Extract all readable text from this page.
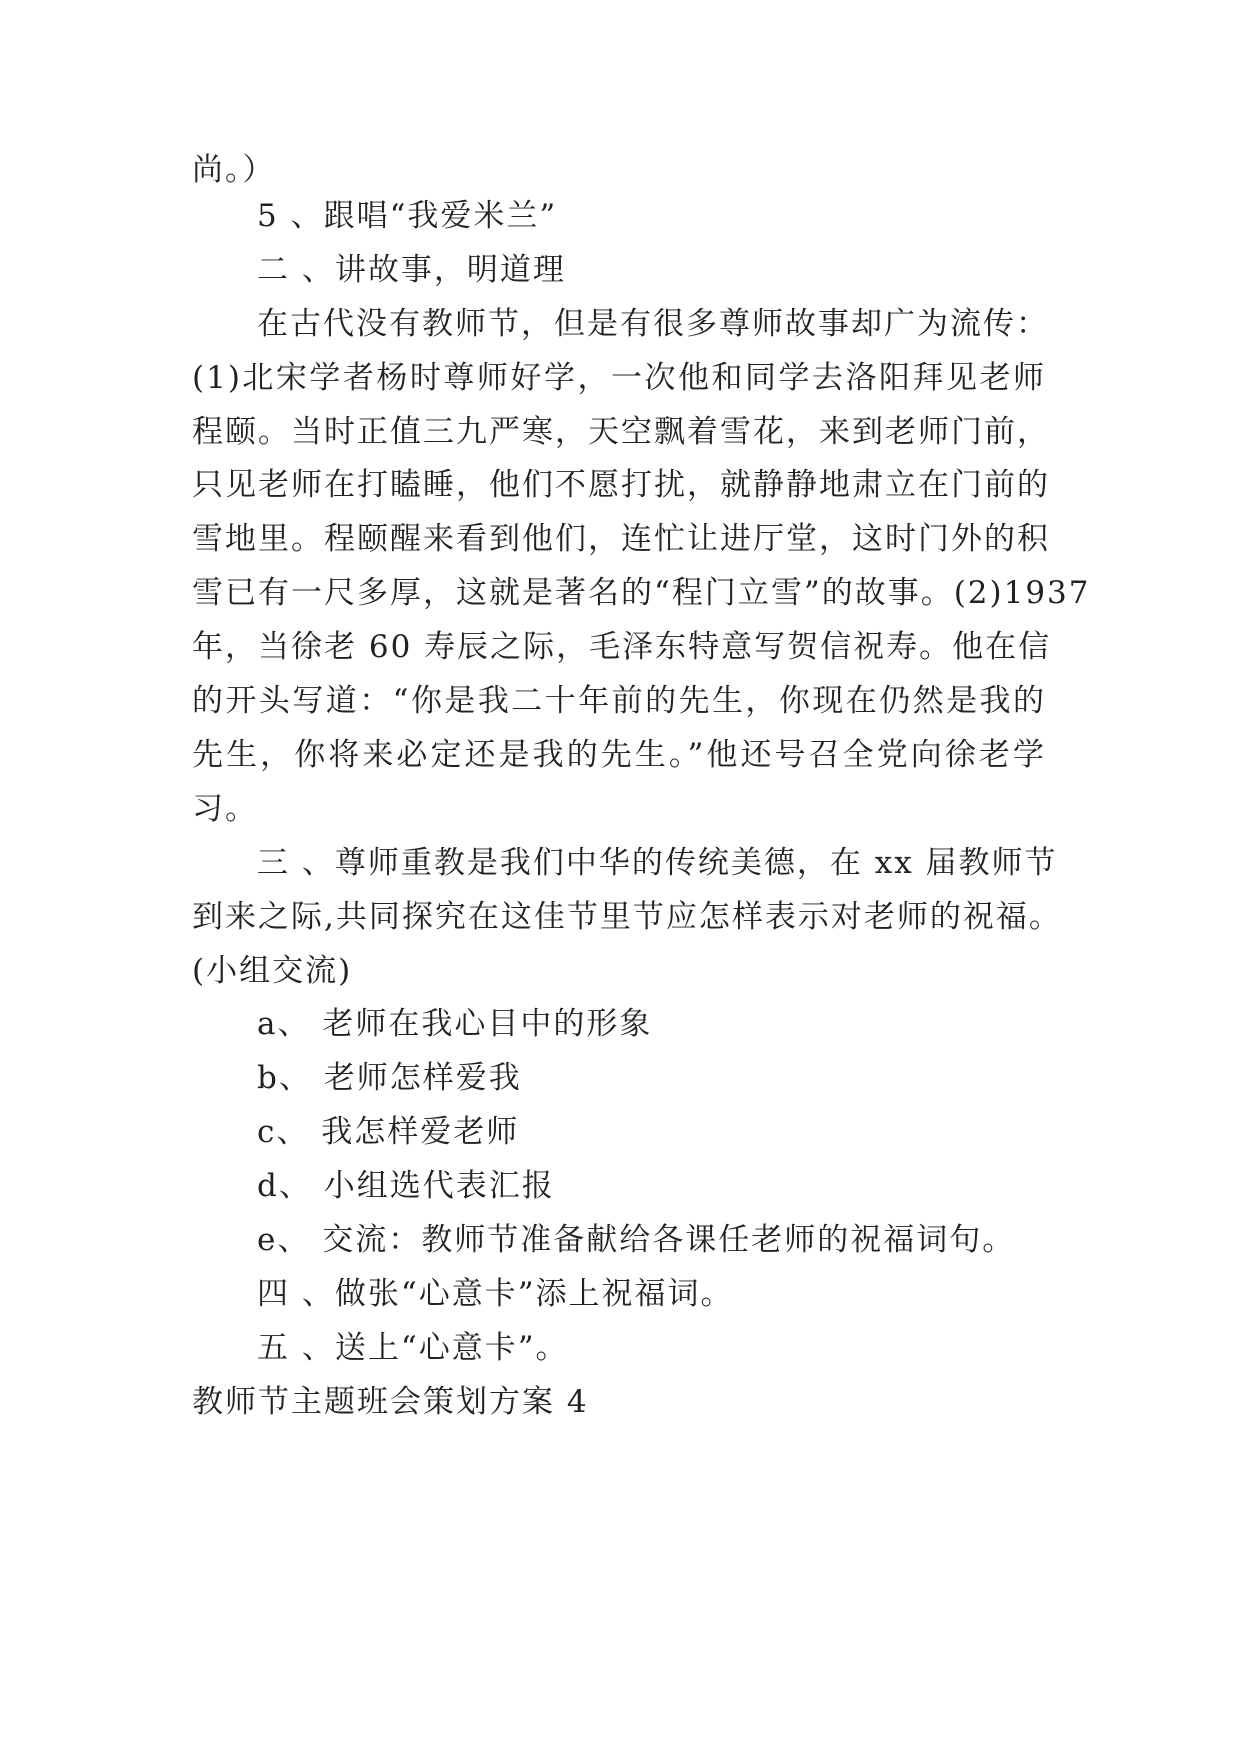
尚。）
5 、跟唱“我爱米兰”
二 、讲故事，明道理
在古代没有教师节，但是有很多尊师故事却广为流传：
(1)北宋学者杨时尊师好学，一次他和同学去洛阳拜见老师
程颐。当时正值三九严寒，天空飘着雪花，来到老师门前，
只见老师在打瞌睡，他们不愿打扰，就静静地肃立在门前的
雪地里。程颐醒来看到他们，连忙让进厅堂，这时门外的积
雪已有一尺多厚，这就是著名的“程门立雪”的故事。(2)1937
年，当徐老 60 寿辰之际，毛泽东特意写贺信祝寿。他在信
的开头写道：“你是我二十年前的先生，你现在仍然是我的
先生，你将来必定还是我的先生。”他还号召全党向徐老学
习。
三 、尊师重教是我们中华的传统美德，在 xx 届教师节
到来之际,共同探究在这佳节里节应怎样表示对老师的祝福。
(小组交流)
a、 老师在我心目中的形象
b、 老师怎样爱我
c、 我怎样爱老师
d、 小组选代表汇报
e、 交流：教师节准备献给各课任老师的祝福词句。
四 、做张“心意卡”添上祝福词。
五 、送上“心意卡”。
教师节主题班会策划方案 4
